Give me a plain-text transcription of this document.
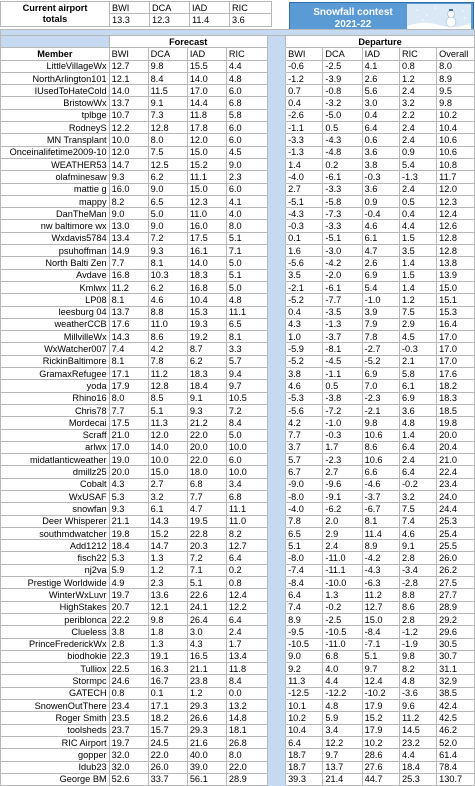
Current airport
totals	BWI	DCA	IAD	RIC
	13.3	12.3	11.4	3.6
Snowfall contest
2021-22

	Forecast					Departure				
Member	BWI	DCA	IAD	RIC		BWI	DCA	IAD	RIC	Overall
LittleVillageWx	12.7	9.8	15.5	4.4		-0.6	-2.5	4.1	0.8	8.0
NorthArlington101	12.1	8.4	14.0	4.8		-1.2	-3.9	2.6	1.2	8.9
IUsedToHateCold	14.0	11.5	17.0	6.0		0.7	-0.8	5.6	2.4	9.5
BristowWx	13.7	9.1	14.4	6.8		0.4	-3.2	3.0	3.2	9.8
tplbge	10.7	7.3	11.8	5.8		-2.6	-5.0	0.4	2.2	10.2
RodneyS	12.2	12.8	17.8	6.0		-1.1	0.5	6.4	2.4	10.4
MN Transplant	10.0	8.0	12.0	6.0		-3.3	-4.3	0.6	2.4	10.6
Onceinalifetime2009-10	12.0	7.5	15.0	4.5		-1.3	-4.8	3.6	0.9	10.6
WEATHER53	14.7	12.5	15.2	9.0		1.4	0.2	3.8	5.4	10.8
olafminesaw	9.3	6.2	11.1	2.3		-4.0	-6.1	-0.3	-1.3	11.7
mattie g	16.0	9.0	15.0	6.0		2.7	-3.3	3.6	2.4	12.0
mappy	8.2	6.5	12.3	4.1		-5.1	-5.8	0.9	0.5	12.3
DanTheMan	9.0	5.0	11.0	4.0		-4.3	-7.3	-0.4	0.4	12.4
nw baltimore wx	13.0	9.0	16.0	8.0		-0.3	-3.3	4.6	4.4	12.6
Wxdavis5784	13.4	7.2	17.5	5.1		0.1	-5.1	6.1	1.5	12.8
psuhoffman	14.9	9.3	16.1	7.1		1.6	-3.0	4.7	3.5	12.8
North Balti Zen	7.7	8.1	14.0	5.0		-5.6	-4.2	2.6	1.4	13.8
Avdave	16.8	10.3	18.3	5.1		3.5	-2.0	6.9	1.5	13.9
Kmlwx	11.2	6.2	16.8	5.0		-2.1	-6.1	5.4	1.4	15.0
LP08	8.1	4.6	10.4	4.8		-5.2	-7.7	-1.0	1.2	15.1
leesburg 04	13.7	8.8	15.3	11.1		0.4	-3.5	3.9	7.5	15.3
weatherCCB	17.6	11.0	19.3	6.5		4.3	-1.3	7.9	2.9	16.4
MillvilleWx	14.3	8.6	19.2	8.1		1.0	-3.7	7.8	4.5	17.0
WxWatcher007	7.4	4.2	8.7	3.3		-5.9	-8.1	-2.7	-0.3	17.0
RickinBaltimore	8.1	7.8	6.2	5.7		-5.2	-4.5	-5.2	2.1	17.0
GramaxRefugee	17.1	11.2	18.3	9.4		3.8	-1.1	6.9	5.8	17.6
yoda	17.9	12.8	18.4	9.7		4.6	0.5	7.0	6.1	18.2
Rhino16	8.0	8.5	9.1	10.5		-5.3	-3.8	-2.3	6.9	18.3
Chris78	7.7	5.1	9.3	7.2		-5.6	-7.2	-2.1	3.6	18.5
Mordecai	17.5	11.3	21.2	8.4		4.2	-1.0	9.8	4.8	19.8
Scraff	21.0	12.0	22.0	5.0		7.7	-0.3	10.6	1.4	20.0
arlwx	17.0	14.0	20.0	10.0		3.7	1.7	8.6	6.4	20.4
midatlanticweather	19.0	10.0	22.0	6.0		5.7	-2.3	10.6	2.4	21.0
dmillz25	20.0	15.0	18.0	10.0		6.7	2.7	6.6	6.4	22.4
Cobalt	4.3	2.7	6.8	3.4		-9.0	-9.6	-4.6	-0.2	23.4
WxUSAF	5.3	3.2	7.7	6.8		-8.0	-9.1	-3.7	3.2	24.0
snowfan	9.3	6.1	4.7	11.1		-4.0	-6.2	-6.7	7.5	24.4
Deer Whisperer	21.1	14.3	19.5	11.0		7.8	2.0	8.1	7.4	25.3
southmdwatcher	19.8	15.2	22.8	8.2		6.5	2.9	11.4	4.6	25.4
Add1212	18.4	14.7	20.3	12.7		5.1	2.4	8.9	9.1	25.5
fisch22	5.3	1.3	7.2	6.4		-8.0	-11.0	-4.2	2.8	26.0
nj2va	5.9	1.2	7.1	0.2		-7.4	-11.1	-4.3	-3.4	26.2
Prestige Worldwide	4.9	2.3	5.1	0.8		-8.4	-10.0	-6.3	-2.8	27.5
WinterWxLuvr	19.7	13.6	22.6	12.4		6.4	1.3	11.2	8.8	27.7
HighStakes	20.7	12.1	24.1	12.2		7.4	-0.2	12.7	8.6	28.9
periblonca	22.2	9.8	26.4	6.4		8.9	-2.5	15.0	2.8	29.2
Clueless	3.8	1.8	3.0	2.4		-9.5	-10.5	-8.4	-1.2	29.6
PrinceFrederickWx	2.8	1.3	4.3	1.7		-10.5	-11.0	-7.1	-1.9	30.5
biodhokie	22.3	19.1	16.5	13.4		9.0	6.8	5.1	9.8	30.7
Tulliox	22.5	16.3	21.1	11.8		9.2	4.0	9.7	8.2	31.1
Stormpc	24.6	16.7	23.8	8.4		11.3	4.4	12.4	4.8	32.9
GATECH	0.8	0.1	1.2	0.0		-12.5	-12.2	-10.2	-3.6	38.5
SnowenOutThere	23.4	17.1	29.3	13.2		10.1	4.8	17.9	9.6	42.4
Roger Smith	23.5	18.2	26.6	14.8		10.2	5.9	15.2	11.2	42.5
toolsheds	23.7	15.7	29.3	18.1		10.4	3.4	17.9	14.5	46.2
RIC Airport	19.7	24.5	21.6	26.8		6.4	12.2	10.2	23.2	52.0
gopper	32.0	22.0	40.0	8.0		18.7	9.7	28.6	4.4	61.4
Idub23	32.0	26.0	39.0	22.0		18.7	13.7	27.6	18.4	78.4
George BM	52.6	33.7	56.1	28.9		39.3	21.4	44.7	25.3	130.7
